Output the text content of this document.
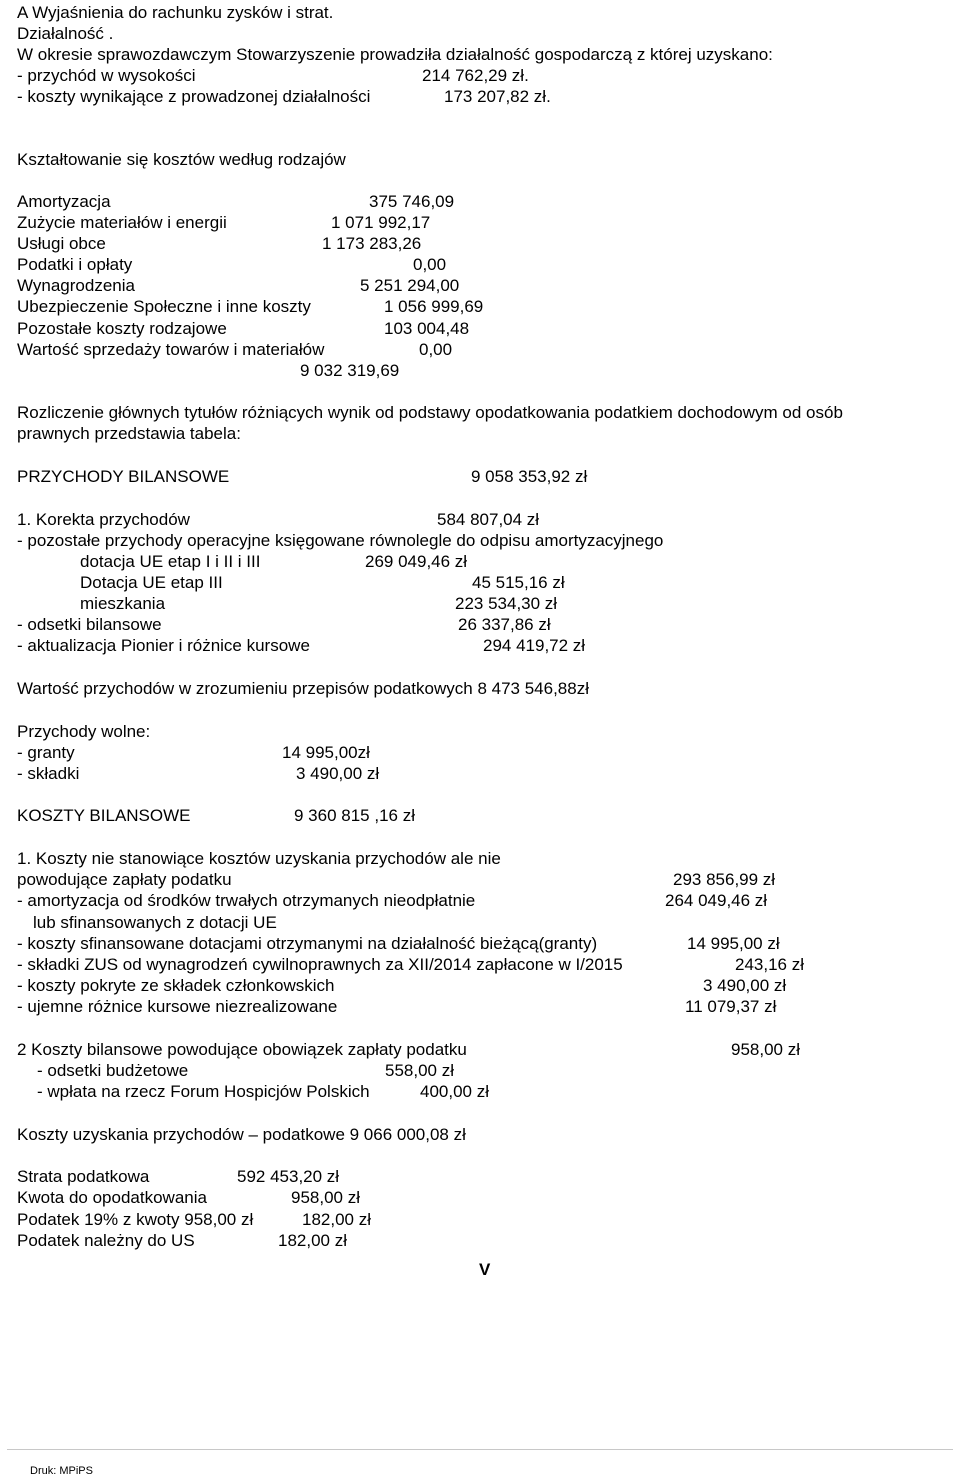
A Wyjaśnienia do rachunku zysków i strat.
Działalność .
W okresie sprawozdawczym Stowarzyszenie prowadziła działalność gospodarczą z której uzyskano:
- przychód w wysokości	214 762,29 zł.
- koszty wynikające z prowadzonej działalności	173 207,82 zł.
Kształtowanie się kosztów według rodzajów
Amortyzacja	375 746,09
Zużycie materiałów i energii	1 071 992,17
Usługi obce	1 173 283,26
Podatki i opłaty	0,00
Wynagrodzenia	5 251 294,00
Ubezpieczenie Społeczne i inne koszty	1 056 999,69
Pozostałe koszty rodzajowe	103 004,48
Wartość sprzedaży towarów i materiałów	0,00
9 032 319,69
Rozliczenie głównych tytułów różniących wynik od podstawy opodatkowania podatkiem dochodowym od osób
prawnych przedstawia tabela:
PRZYCHODY BILANSOWE	9 058 353,92 zł
1. Korekta przychodów	584 807,04 zł
- pozostałe przychody operacyjne księgowane równolegle do odpisu amortyzacyjnego
dotacja UE etap I i II i III	269 049,46 zł
Dotacja UE etap III	45 515,16 zł
mieszkania	223 534,30 zł
- odsetki bilansowe	26 337,86 zł
- aktualizacja Pionier i różnice kursowe	294 419,72 zł
Wartość przychodów w zrozumieniu przepisów podatkowych 8 473 546,88zł
Przychody wolne:
- granty	14 995,00zł
- składki	3 490,00 zł
KOSZTY BILANSOWE	9 360 815 ,16 zł
1. Koszty nie stanowiące kosztów uzyskania przychodów ale nie
powodujące zapłaty podatku	293 856,99 zł
- amortyzacja od środków trwałych otrzymanych nieodpłatnie	264 049,46 zł
lub sfinansowanych z dotacji UE
- koszty sfinansowane dotacjami otrzymanymi na działalność bieżącą(granty)	14 995,00 zł
- składki ZUS od wynagrodzeń cywilnoprawnych za XII/2014 zapłacone w I/2015	243,16 zł
- koszty pokryte ze składek członkowskich	3 490,00 zł
- ujemne różnice kursowe niezrealizowane	11 079,37 zł
2 Koszty bilansowe powodujące obowiązek zapłaty podatku	958,00 zł
- odsetki budżetowe	558,00 zł
- wpłata na rzecz Forum Hospicjów Polskich	400,00 zł
Koszty uzyskania przychodów – podatkowe 9 066 000,08 zł
Strata podatkowa	592 453,20 zł
Kwota do opodatkowania	958,00 zł
Podatek 19% z kwoty 958,00 zł	182,00 zł
Podatek należny do US	182,00 zł
V
Druk: MPiPS
